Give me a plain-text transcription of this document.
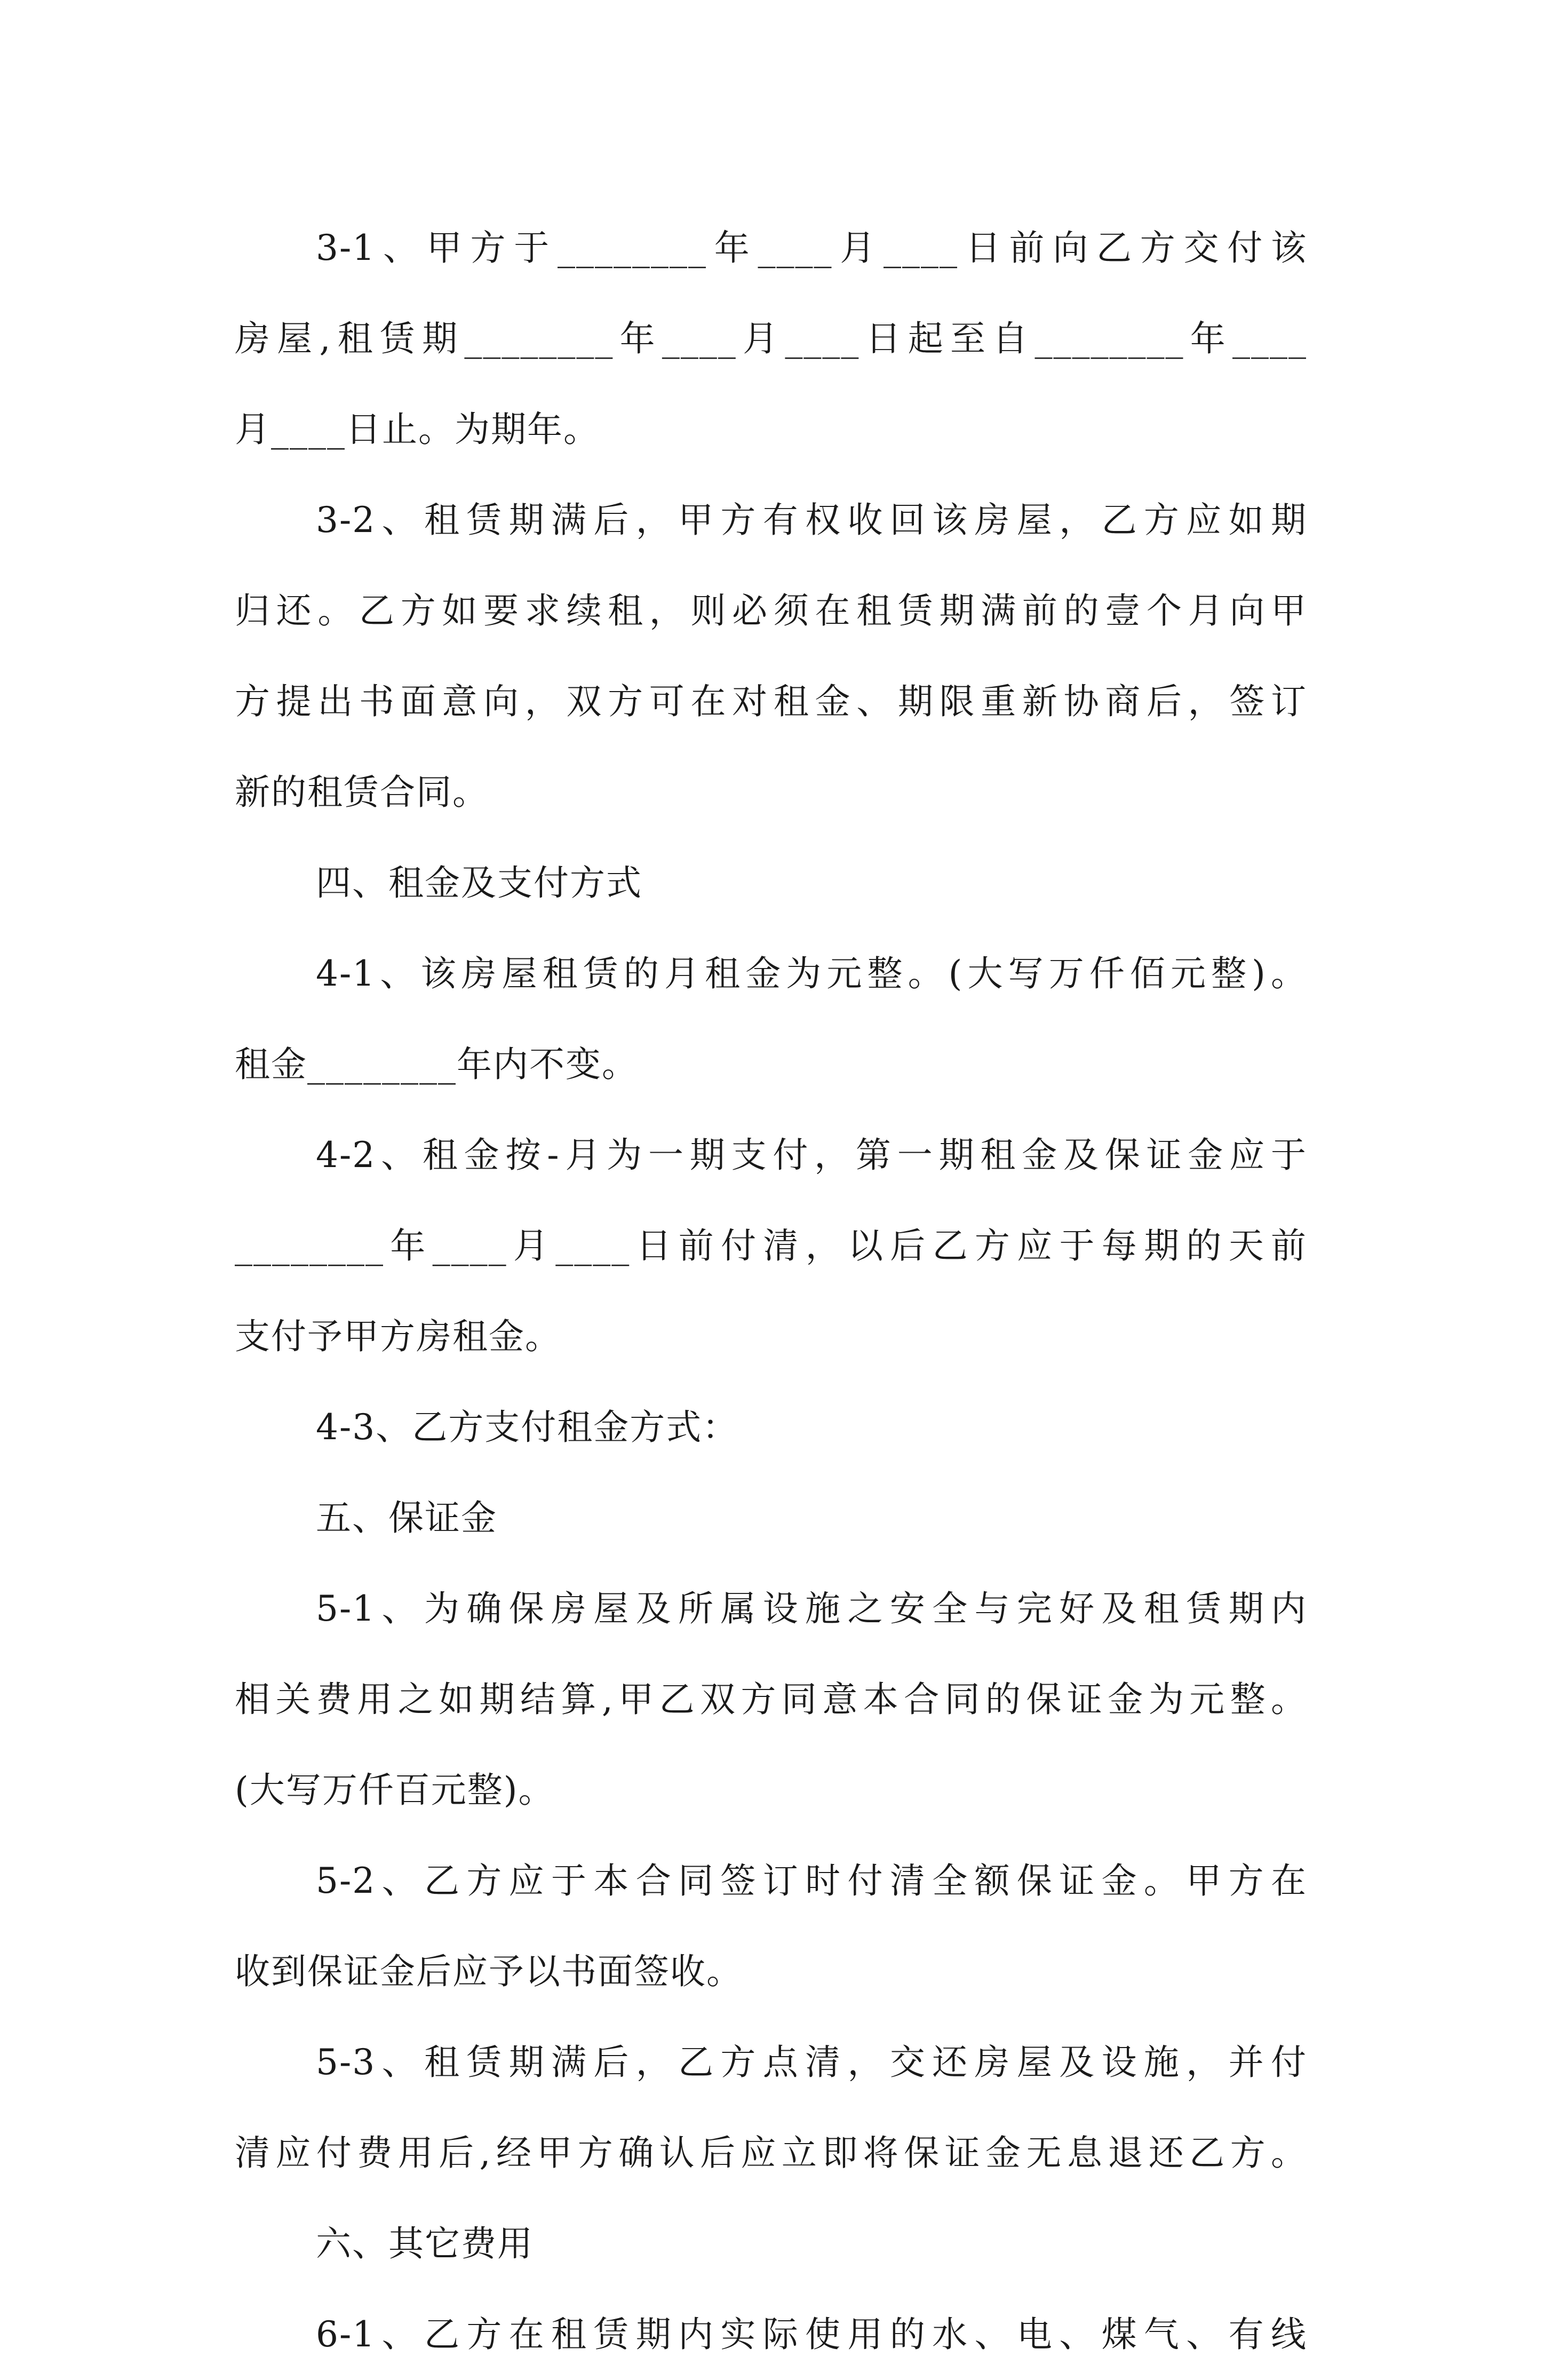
3-1、甲方于________年____月____日前向乙方交付该
房屋,租赁期________年____月____日起至自________年____
月____日止。为期年。
3-2、租赁期满后，甲方有权收回该房屋，乙方应如期
归还。乙方如要求续租，则必须在租赁期满前的壹个月向甲
方提出书面意向，双方可在对租金、期限重新协商后，签订
新的租赁合同。
四、租金及支付方式
4-1、该房屋租赁的月租金为元整。(大写万仟佰元整)。
租金________年内不变。
4-2、租金按-月为一期支付，第一期租金及保证金应于
________年____月____日前付清，以后乙方应于每期的天前
支付予甲方房租金。
4-3、乙方支付租金方式：
五、保证金
5-1、为确保房屋及所属设施之安全与完好及租赁期内
相关费用之如期结算,甲乙双方同意本合同的保证金为元整。
(大写万仟百元整)。
5-2、乙方应于本合同签订时付清全额保证金。甲方在
收到保证金后应予以书面签收。
5-3、租赁期满后，乙方点清，交还房屋及设施，并付
清应付费用后,经甲方确认后应立即将保证金无息退还乙方。
六、其它费用
6-1、乙方在租赁期内实际使用的水、电、煤气、有线
